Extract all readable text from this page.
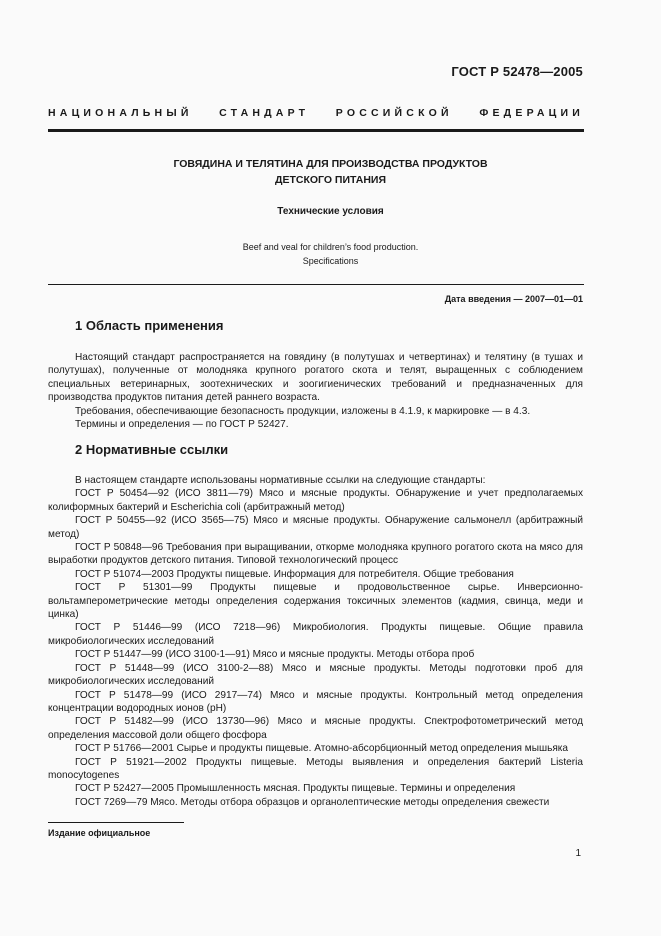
ГОСТ Р 52478—2005
НАЦИОНАЛЬНЫЙ СТАНДАРТ РОССИЙСКОЙ ФЕДЕРАЦИИ
ГОВЯДИНА И ТЕЛЯТИНА ДЛЯ ПРОИЗВОДСТВА ПРОДУКТОВ
ДЕТСКОГО ПИТАНИЯ
Технические условия
Beef and veal for children’s food production.
Specifications
Дата введения — 2007—01—01
1 Область применения

Настоящий стандарт распространяется на говядину (в полутушах и четвертинах) и телятину (в тушах и полутушах), полученные от молодняка крупного рогатого скота и телят, выращенных с соблюдением специальных ветеринарных, зоотехнических и зоогигиенических требований и предназначенных для производства продуктов питания детей раннего возраста.

Требования, обеспечивающие безопасность продукции, изложены в 4.1.9, к маркировке — в 4.3.

Термины и определения — по ГОСТ Р 52427.

2 Нормативные ссылки

В настоящем стандарте использованы нормативные ссылки на следующие стандарты:

ГОСТ Р 50454—92 (ИСО 3811—79) Мясо и мясные продукты. Обнаружение и учет предполагаемых колиформных бактерий и Escherichia coli (арбитражный метод)

ГОСТ Р 50455—92 (ИСО 3565—75) Мясо и мясные продукты. Обнаружение сальмонелл (арбитражный метод)

ГОСТ Р 50848—96 Требования при выращивании, откорме молодняка крупного рогатого скота на мясо для выработки продуктов детского питания. Типовой технологический процесс

ГОСТ Р 51074—2003 Продукты пищевые. Информация для потребителя. Общие требования

ГОСТ Р 51301—99 Продукты пищевые и продовольственное сырье. Инверсионно-вольтамперометрические методы определения содержания токсичных элементов (кадмия, свинца, меди и цинка)

ГОСТ Р 51446—99 (ИСО 7218—96) Микробиология. Продукты пищевые. Общие правила микробиологических исследований

ГОСТ Р 51447—99 (ИСО 3100-1—91) Мясо и мясные продукты. Методы отбора проб

ГОСТ Р 51448—99 (ИСО 3100-2—88) Мясо и мясные продукты. Методы подготовки проб для микробиологических исследований

ГОСТ Р 51478—99 (ИСО 2917—74) Мясо и мясные продукты. Контрольный метод определения концентрации водородных ионов (pH)

ГОСТ Р 51482—99 (ИСО 13730—96) Мясо и мясные продукты. Спектрофотометрический метод определения массовой доли общего фосфора

ГОСТ Р 51766—2001 Сырье и продукты пищевые. Атомно-абсорбционный метод определения мышьяка

ГОСТ Р 51921—2002 Продукты пищевые. Методы выявления и определения бактерий Listeria monocytogenes

ГОСТ Р 52427—2005 Промышленность мясная. Продукты пищевые. Термины и определения

ГОСТ 7269—79 Мясо. Методы отбора образцов и органолептические методы определения свежести

Издание официальное
1
